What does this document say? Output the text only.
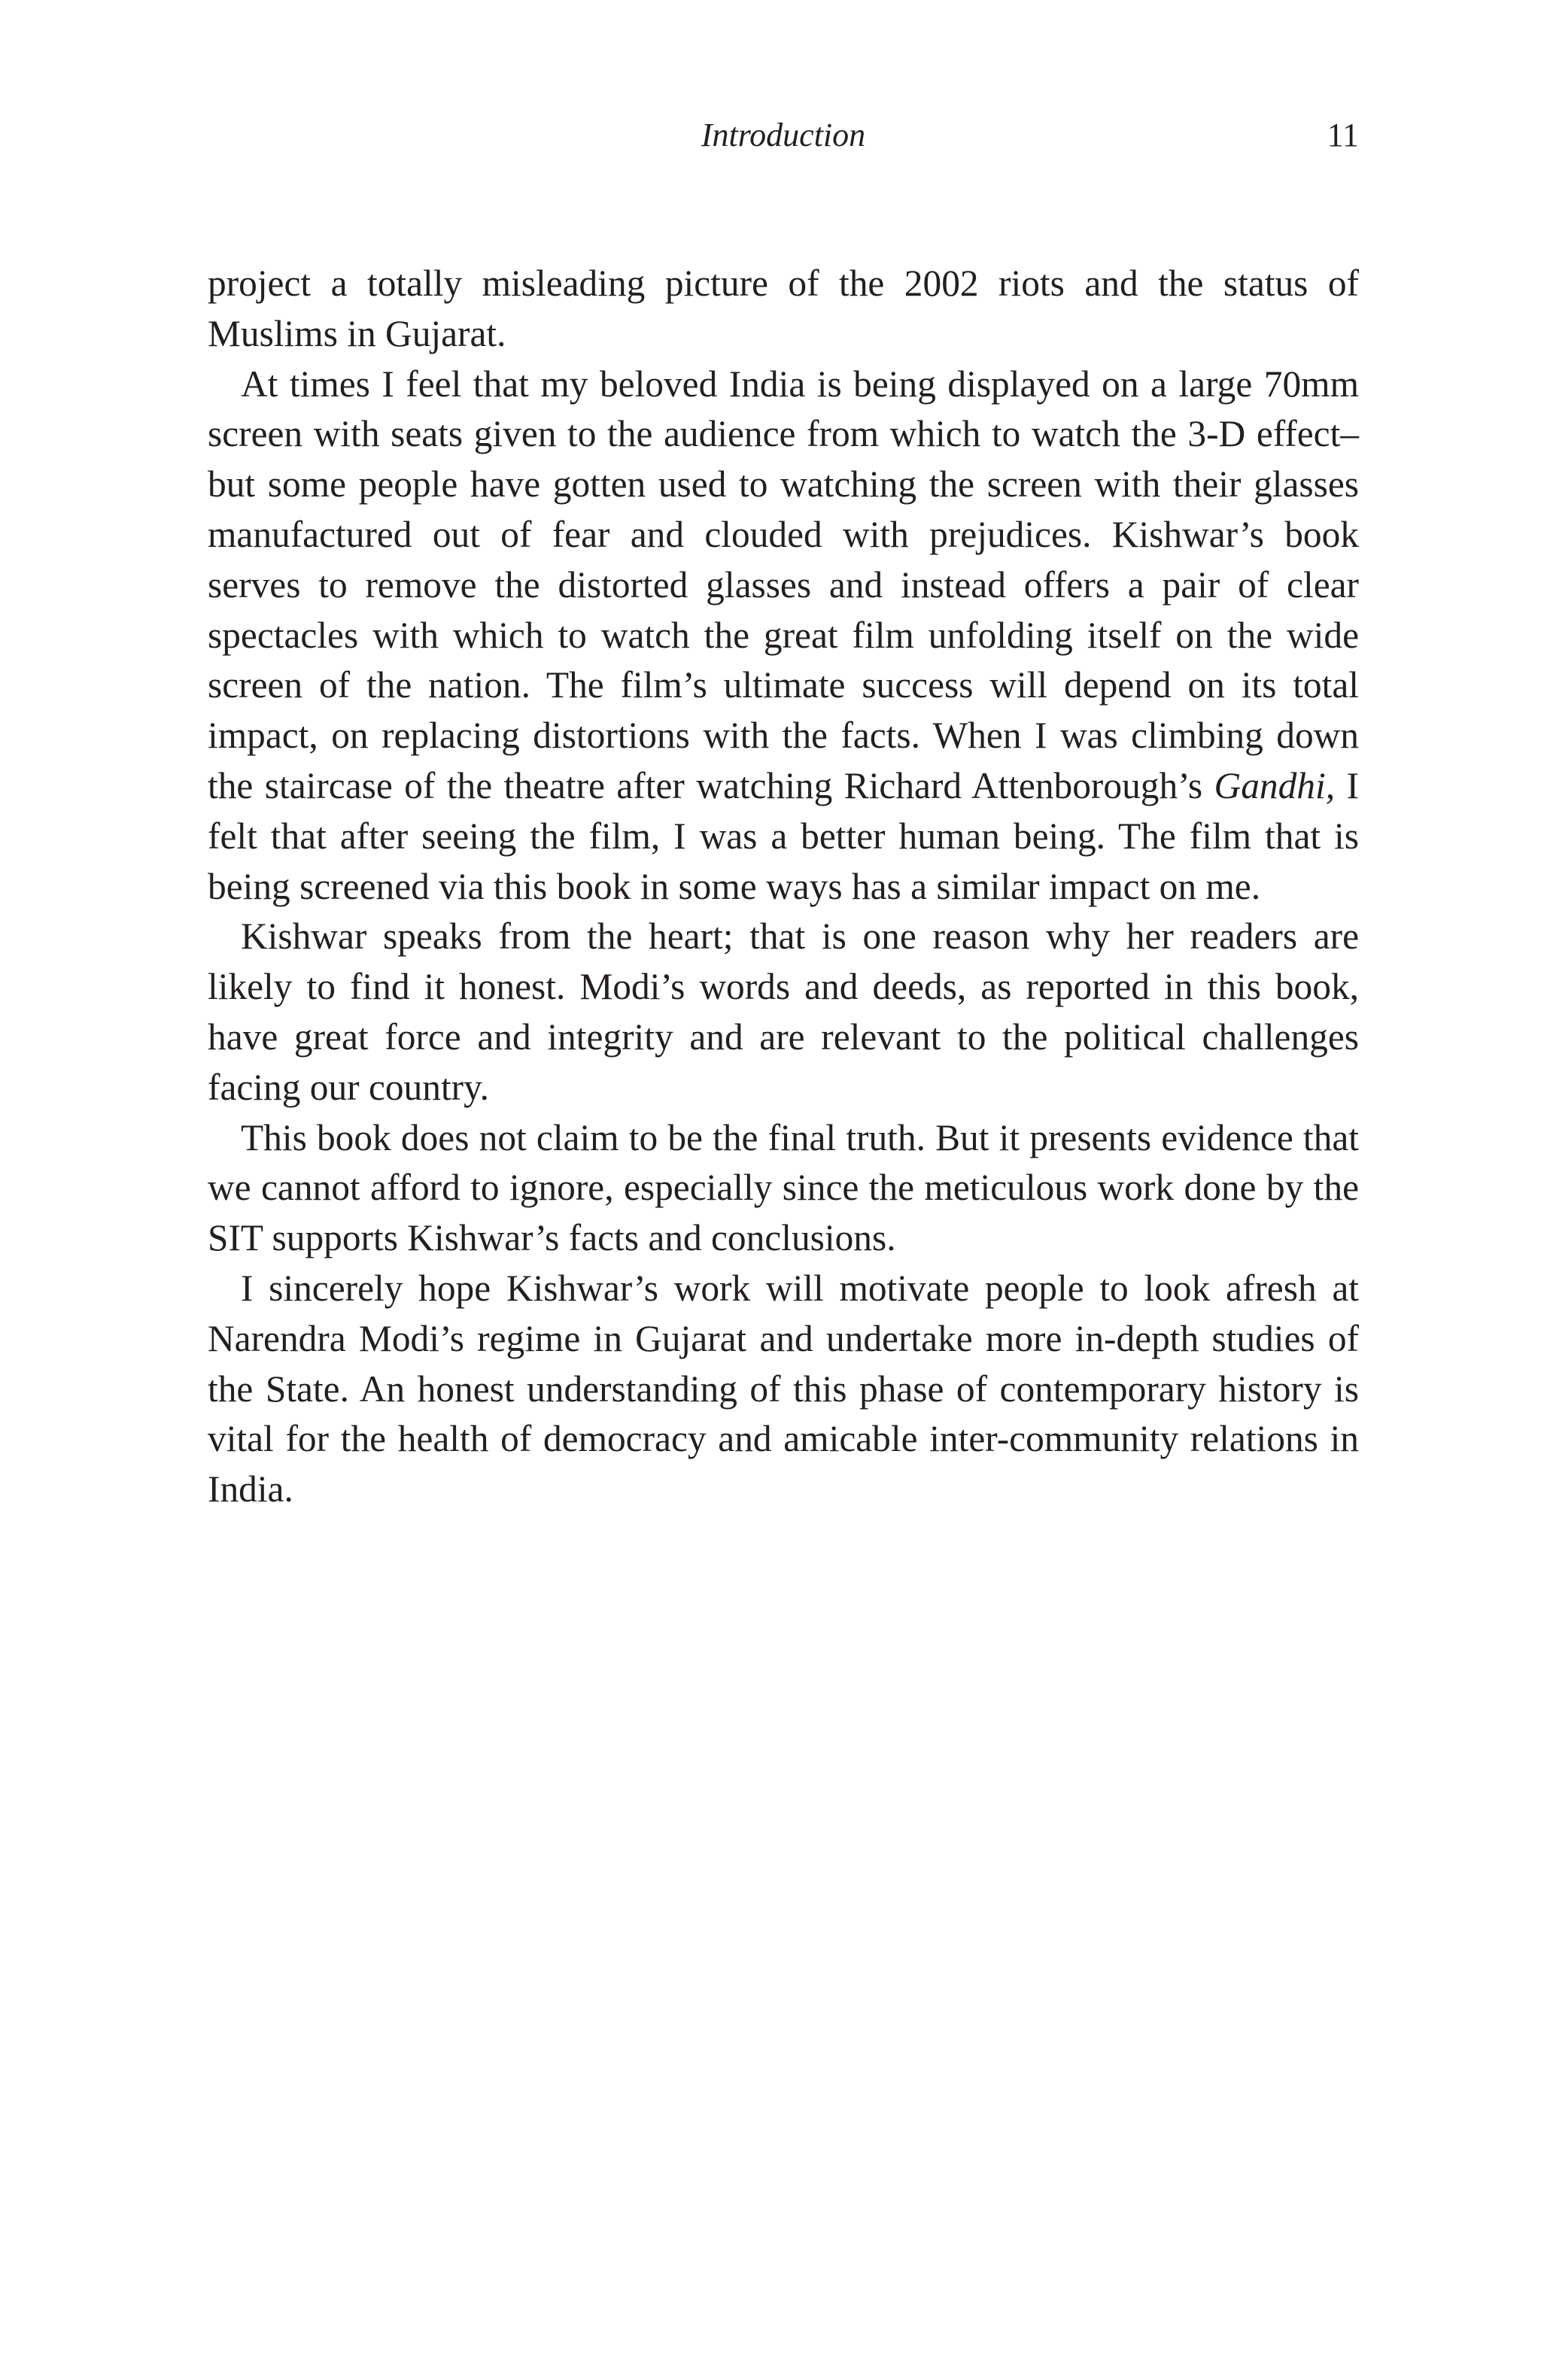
Introduction	11

project a totally misleading picture of the 2002 riots and the status of Muslims in Gujarat.

At times I feel that my beloved India is being displayed on a large 70mm screen with seats given to the audience from which to watch the 3-D effect–but some people have gotten used to watching the screen with their glasses manufactured out of fear and clouded with prejudices. Kishwar’s book serves to remove the distorted glasses and instead offers a pair of clear spectacles with which to watch the great film unfolding itself on the wide screen of the nation. The film’s ultimate success will depend on its total impact, on replacing distortions with the facts. When I was climbing down the staircase of the theatre after watching Richard Attenborough’s Gandhi, I felt that after seeing the film, I was a better human being. The film that is being screened via this book in some ways has a similar impact on me.

Kishwar speaks from the heart; that is one reason why her readers are likely to find it honest. Modi’s words and deeds, as reported in this book, have great force and integrity and are relevant to the political challenges facing our country.

This book does not claim to be the final truth. But it presents evidence that we cannot afford to ignore, especially since the meticulous work done by the SIT supports Kishwar’s facts and conclusions.

I sincerely hope Kishwar’s work will motivate people to look afresh at Narendra Modi’s regime in Gujarat and undertake more in-depth studies of the State. An honest understanding of this phase of contemporary history is vital for the health of democracy and amicable inter-community relations in India.
